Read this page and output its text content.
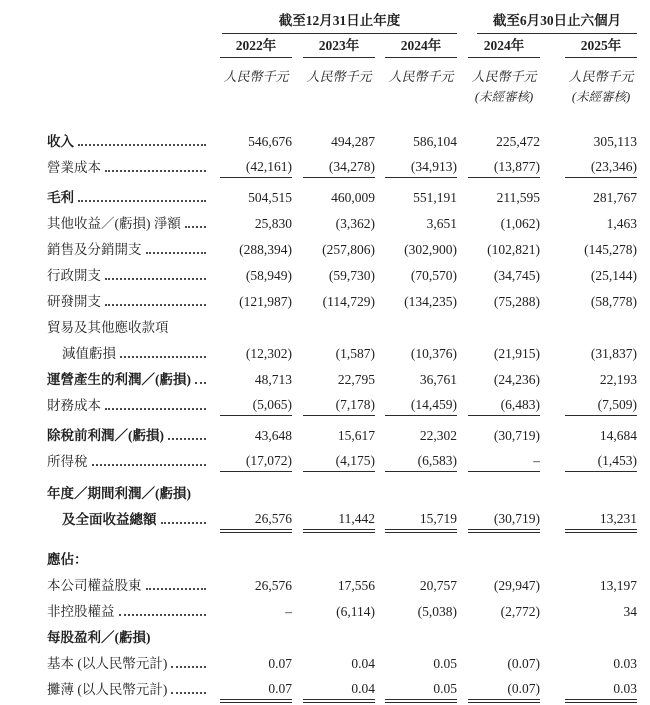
	截至12月31日止年度			截至6月30日止六個月	

	2022年	2023年	2024年	2024年	2025年

	人民幣千元	人民幣千元	人民幣千元	人民幣千元	人民幣千元

				(未經審核)	(未經審核)

收入	546,676	494,287	586,104	225,472	305,113

營業成本	(42,161)	(34,278)	(34,913)	(13,877)	(23,346)

毛利	504,515	460,009	551,191	211,595	281,767

其他收益／(虧損) 淨額	25,830	(3,362)	3,651	(1,062)	1,463

銷售及分銷開支	(288,394)	(257,806)	(302,900)	(102,821)	(145,278)

行政開支	(58,949)	(59,730)	(70,570)	(34,745)	(25,144)

研發開支	(121,987)	(114,729)	(134,235)	(75,288)	(58,778)

貿易及其他應收款項					

減值虧損	(12,302)	(1,587)	(10,376)	(21,915)	(31,837)

運營產生的利潤／(虧損)	48,713	22,795	36,761	(24,236)	22,193

財務成本	(5,065)	(7,178)	(14,459)	(6,483)	(7,509)

除稅前利潤／(虧損)	43,648	15,617	22,302	(30,719)	14,684

所得稅	(17,072)	(4,175)	(6,583)	–	(1,453)

年度／期間利潤／(虧損)					

及全面收益總額	26,576	11,442	15,719	(30,719)	13,231

應佔：					

本公司權益股東	26,576	17,556	20,757	(29,947)	13,197

非控股權益	–	(6,114)	(5,038)	(2,772)	34

每股盈利／(虧損)					

基本 (以人民幣元計)	0.07	0.04	0.05	(0.07)	0.03

攤薄 (以人民幣元計)	0.07	0.04	0.05	(0.07)	0.03
